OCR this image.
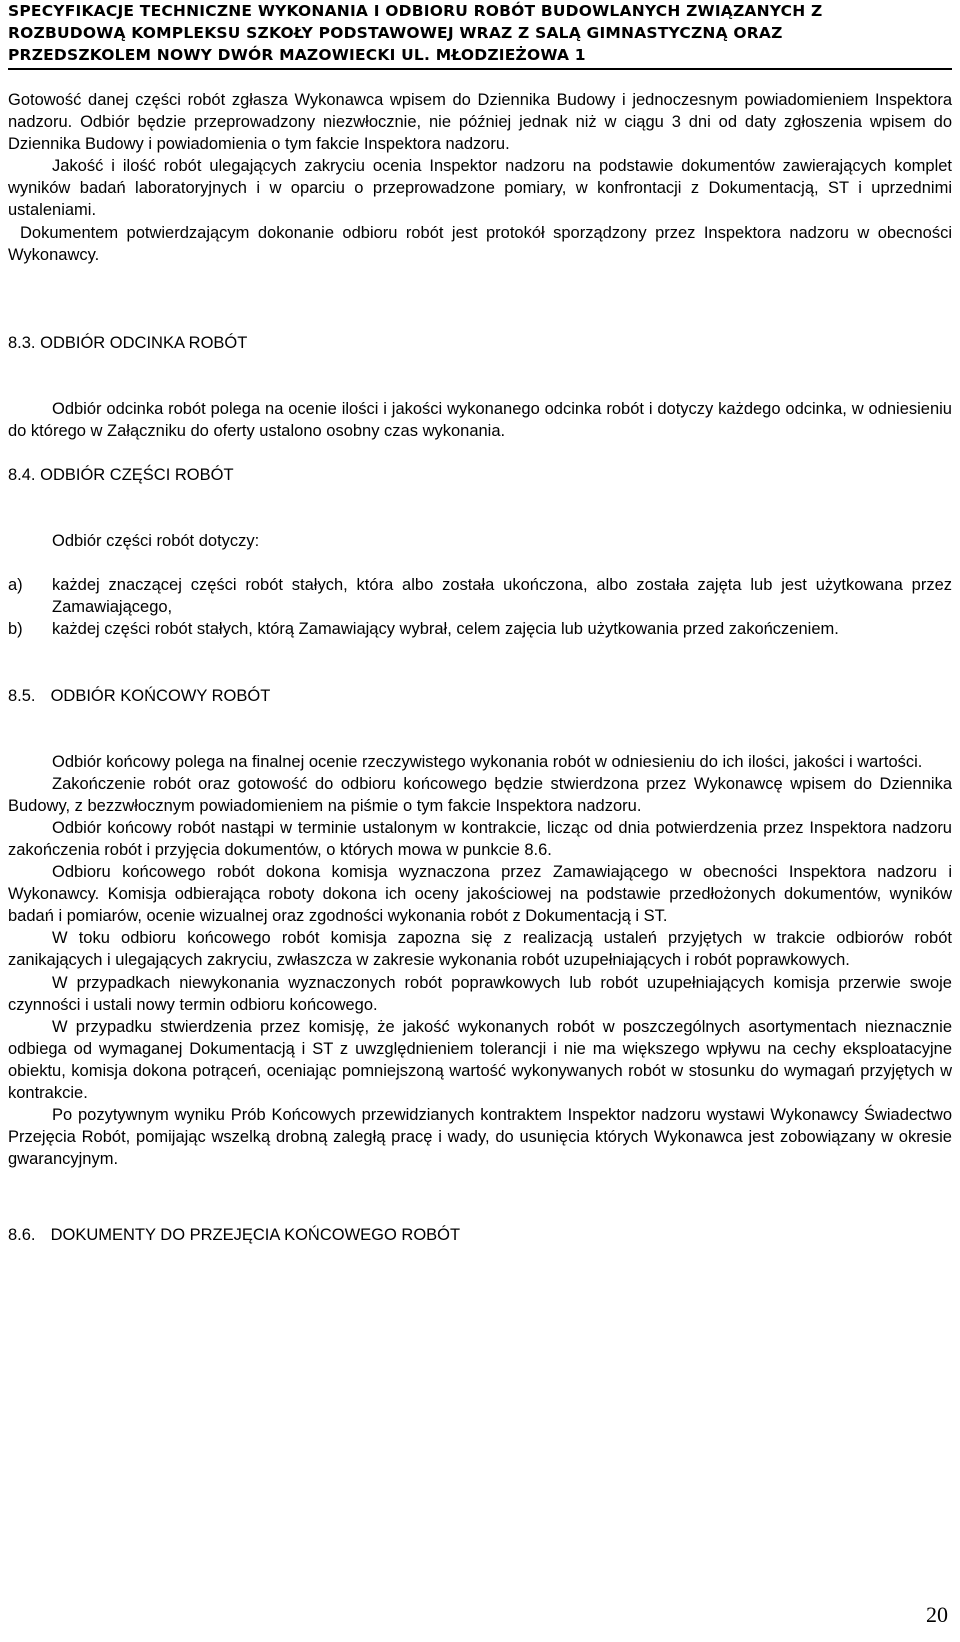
SPECYFIKACJE TECHNICZNE WYKONANIA I ODBIORU ROBÓT BUDOWLANYCH ZWIĄZANYCH Z
ROZBUDOWĄ KOMPLEKSU SZKOŁY PODSTAWOWEJ WRAZ Z SALĄ GIMNASTYCZNĄ ORAZ
PRZEDSZKOLEM NOWY DWÓR MAZOWIECKI UL. MŁODZIEŻOWA 1

Gotowość danej części robót zgłasza Wykonawca wpisem do Dziennika Budowy i jednoczesnym powiadomieniem Inspektora nadzoru. Odbiór będzie przeprowadzony niezwłocznie, nie później jednak niż w ciągu 3 dni od daty zgłoszenia wpisem do Dziennika Budowy i powiadomienia o tym fakcie Inspektora nadzoru.

Jakość i ilość robót ulegających zakryciu ocenia Inspektor nadzoru na podstawie dokumentów zawierających komplet wyników badań laboratoryjnych i w oparciu o przeprowadzone pomiary, w konfrontacji z Dokumentacją, ST i uprzednimi ustaleniami.

Dokumentem potwierdzającym dokonanie odbioru robót jest protokół sporządzony przez Inspektora nadzoru w obecności Wykonawcy.

8.3. ODBIÓR ODCINKA ROBÓT

Odbiór odcinka robót polega na ocenie ilości i jakości wykonanego odcinka robót i dotyczy każdego odcinka, w odniesieniu do którego w Załączniku do oferty ustalono osobny czas wykonania.

8.4. ODBIÓR CZĘŚCI ROBÓT

Odbiór części robót dotyczy:

a)	każdej znaczącej części robót stałych, która albo została ukończona, albo została zajęta lub jest użytkowana przez Zamawiającego,
b)	każdej części robót stałych, którą Zamawiający wybrał, celem zajęcia lub użytkowania przed zakończeniem.
8.5. ODBIÓR KOŃCOWY ROBÓT

Odbiór końcowy polega na finalnej ocenie rzeczywistego wykonania robót w odniesieniu do ich ilości, jakości i wartości.

Zakończenie robót oraz gotowość do odbioru końcowego będzie stwierdzona przez Wykonawcę wpisem do Dziennika Budowy, z bezzwłocznym powiadomieniem na piśmie o tym fakcie Inspektora nadzoru.

Odbiór końcowy robót nastąpi w terminie ustalonym w kontrakcie, licząc od dnia potwierdzenia przez Inspektora nadzoru zakończenia robót i przyjęcia dokumentów, o których mowa w punkcie 8.6.

Odbioru końcowego robót dokona komisja wyznaczona przez Zamawiającego w obecności Inspektora nadzoru i Wykonawcy. Komisja odbierająca roboty dokona ich oceny jakościowej na podstawie przedłożonych dokumentów, wyników badań i pomiarów, ocenie wizualnej oraz zgodności wykonania robót z Dokumentacją i ST.

W toku odbioru końcowego robót komisja zapozna się z realizacją ustaleń przyjętych w trakcie odbiorów robót zanikających i ulegających zakryciu, zwłaszcza w zakresie wykonania robót uzupełniających i robót poprawkowych.

W przypadkach niewykonania wyznaczonych robót poprawkowych lub robót uzupełniających komisja przerwie swoje czynności i ustali nowy termin odbioru końcowego.

W przypadku stwierdzenia przez komisję, że jakość wykonanych robót w poszczególnych asortymentach nieznacznie odbiega od wymaganej Dokumentacją i ST z uwzględnieniem tolerancji i nie ma większego wpływu na cechy eksploatacyjne obiektu, komisja dokona potrąceń, oceniając pomniejszoną wartość wykonywanych robót w stosunku do wymagań przyjętych w kontrakcie.

Po pozytywnym wyniku Prób Końcowych przewidzianych kontraktem Inspektor nadzoru wystawi Wykonawcy Świadectwo Przejęcia Robót, pomijając wszelką drobną zaległą pracę i wady, do usunięcia których Wykonawca jest zobowiązany w okresie gwarancyjnym.

8.6. DOKUMENTY DO PRZEJĘCIA KOŃCOWEGO ROBÓT
20
